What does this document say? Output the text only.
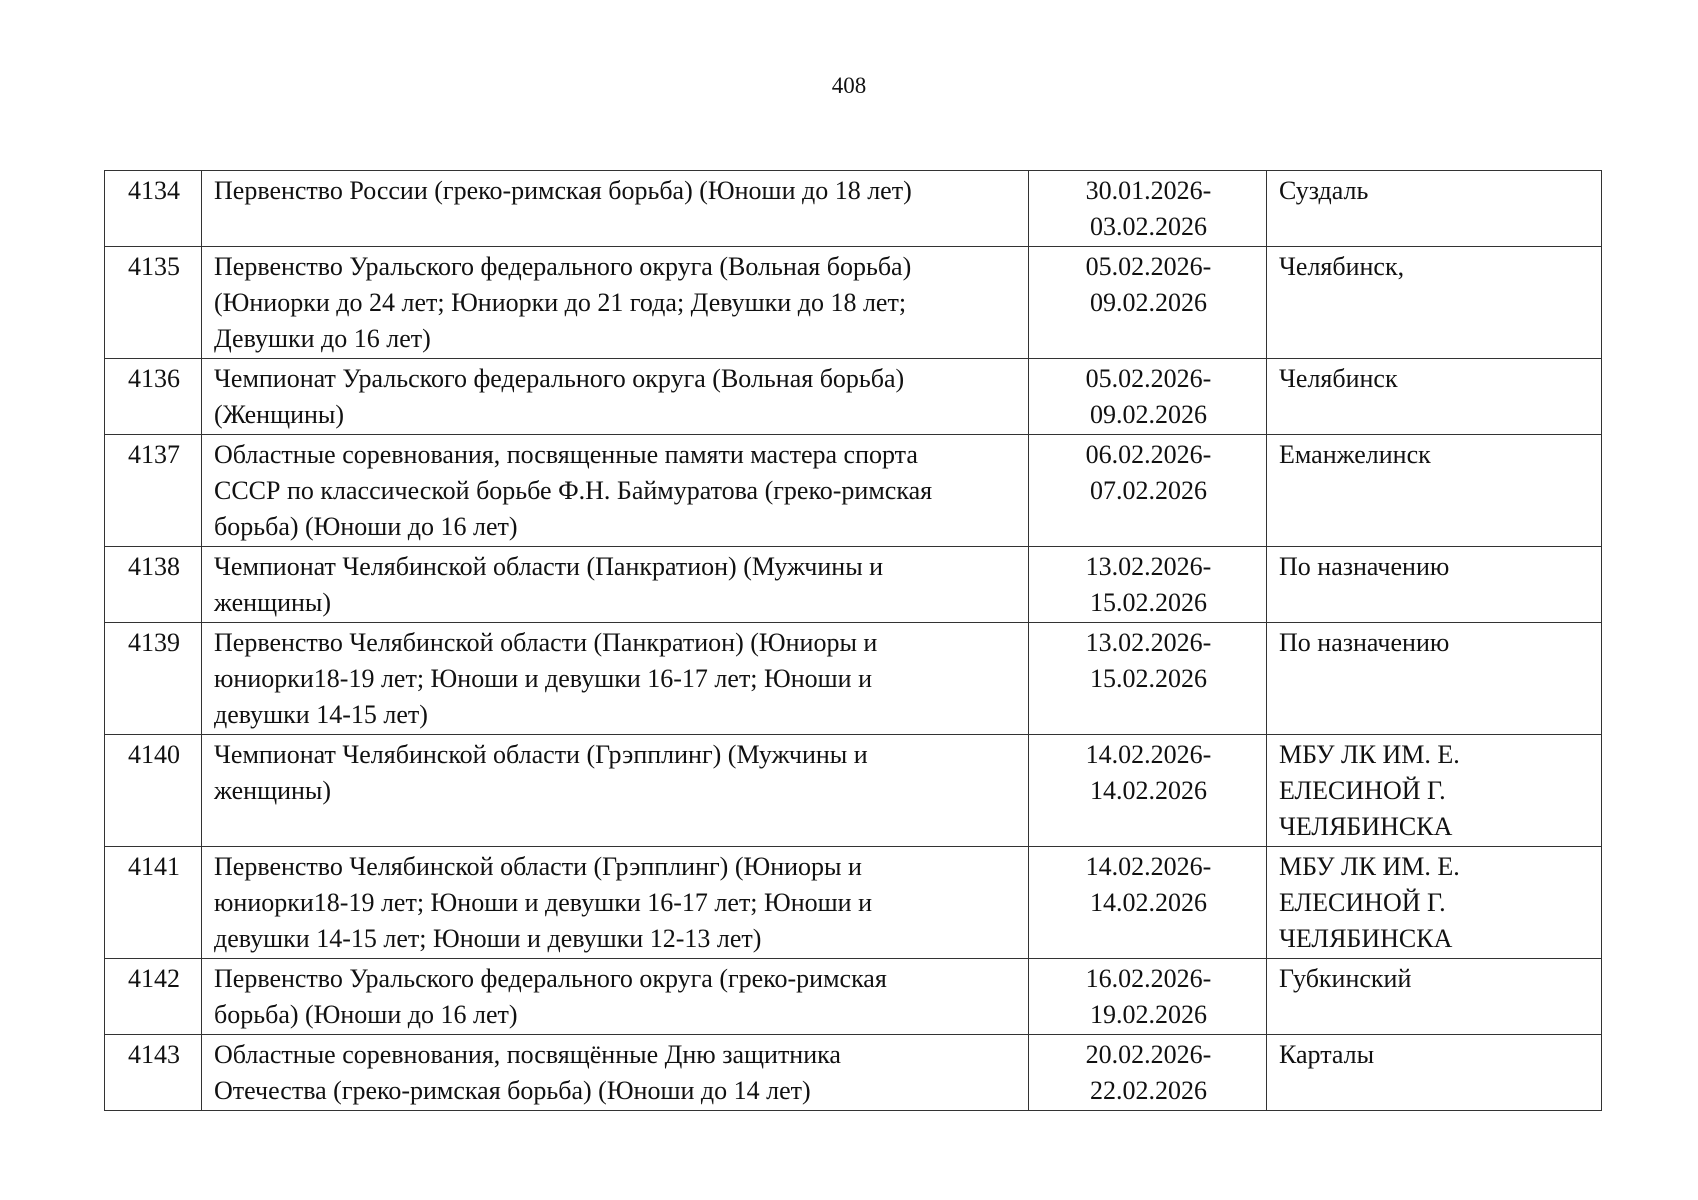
408
4134	Первенство России (греко-римская борьба) (Юноши до 18 лет)	30.01.2026-
03.02.2026	Суздаль

4135	Первенство Уральского федерального округа (Вольная борьба)
(Юниорки до 24 лет; Юниорки до 21 года; Девушки до 18 лет;
Девушки до 16 лет)	05.02.2026-
09.02.2026	Челябинск,

4136	Чемпионат Уральского федерального округа (Вольная борьба)
(Женщины)	05.02.2026-
09.02.2026	Челябинск

4137	Областные соревнования, посвященные памяти мастера спорта
СССР по классической борьбе Ф.Н. Баймуратова (греко-римская
борьба) (Юноши до 16 лет)	06.02.2026-
07.02.2026	Еманжелинск

4138	Чемпионат Челябинской области (Панкратион) (Мужчины и
женщины)	13.02.2026-
15.02.2026	По назначению

4139	Первенство Челябинской области (Панкратион) (Юниоры и
юниорки18-19 лет; Юноши и девушки 16-17 лет; Юноши и
девушки 14-15 лет)	13.02.2026-
15.02.2026	По назначению

4140	Чемпионат Челябинской области (Грэпплинг) (Мужчины и
женщины)	14.02.2026-
14.02.2026	МБУ ЛК ИМ. Е.
ЕЛЕСИНОЙ Г.
ЧЕЛЯБИНСКА

4141	Первенство Челябинской области (Грэпплинг) (Юниоры и
юниорки18-19 лет; Юноши и девушки 16-17 лет; Юноши и
девушки 14-15 лет; Юноши и девушки 12-13 лет)	14.02.2026-
14.02.2026	МБУ ЛК ИМ. Е.
ЕЛЕСИНОЙ Г.
ЧЕЛЯБИНСКА

4142	Первенство Уральского федерального округа (греко-римская
борьба) (Юноши до 16 лет)	16.02.2026-
19.02.2026	Губкинский

4143	Областные соревнования, посвящённые Дню защитника
Отечества (греко-римская борьба) (Юноши до 14 лет)	20.02.2026-
22.02.2026	Карталы
